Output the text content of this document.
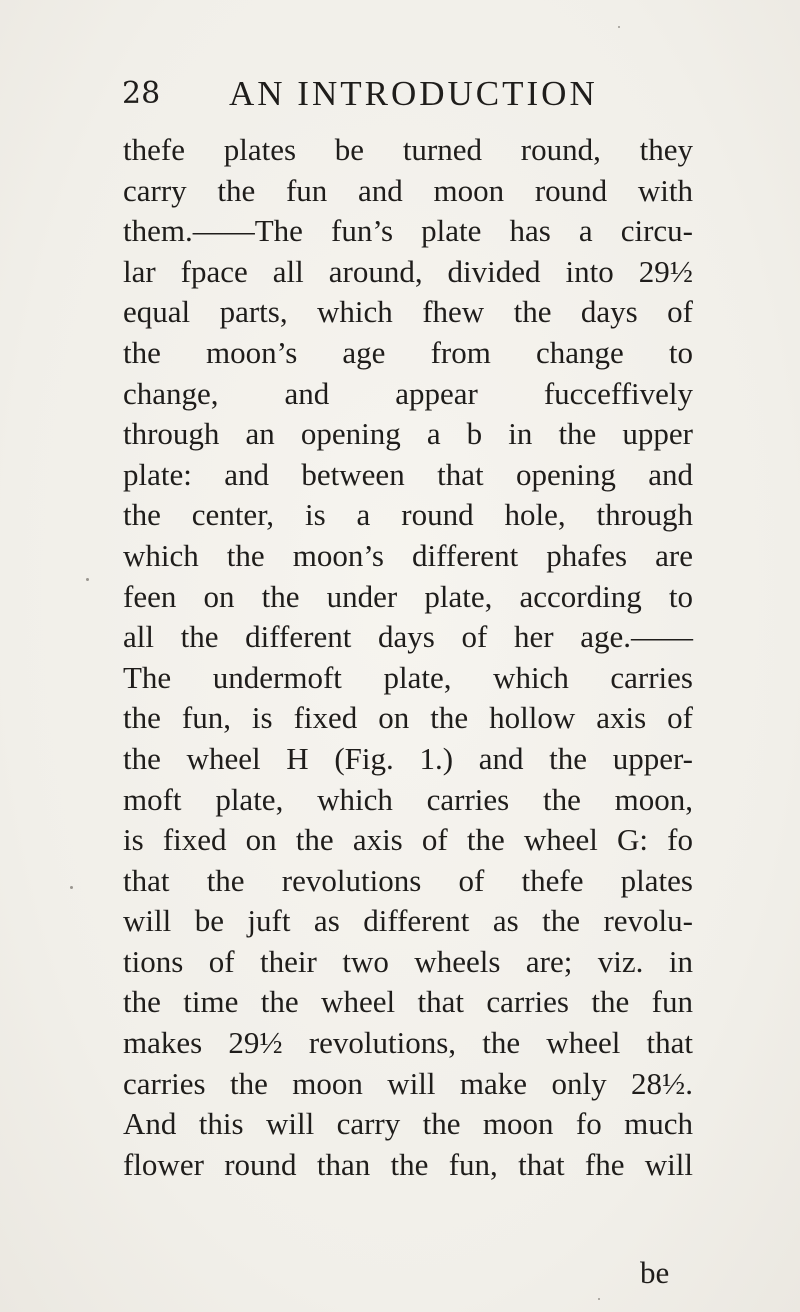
28 AN INTRODUCTION
thefe plates be turned round, they
carry the fun and moon round with
them.——The fun’s plate has a circu-
lar fpace all around, divided into 29½
equal parts, which fhew the days of
the moon’s age from change to
change, and appear fucceffively
through an opening a b in the upper
plate: and between that opening and
the center, is a round hole, through
which the moon’s different phafes are
feen on the under plate, according to
all the different days of her age.——
The undermoft plate, which carries
the fun, is fixed on the hollow axis of
the wheel H (Fig. 1.) and the upper-
moft plate, which carries the moon,
is fixed on the axis of the wheel G: fo
that the revolutions of thefe plates
will be juft as different as the revolu-
tions of their two wheels are; viz. in
the time the wheel that carries the fun
makes 29½ revolutions, the wheel that
carries the moon will make only 28½.
And this will carry the moon fo much
flower round than the fun, that fhe will
be
